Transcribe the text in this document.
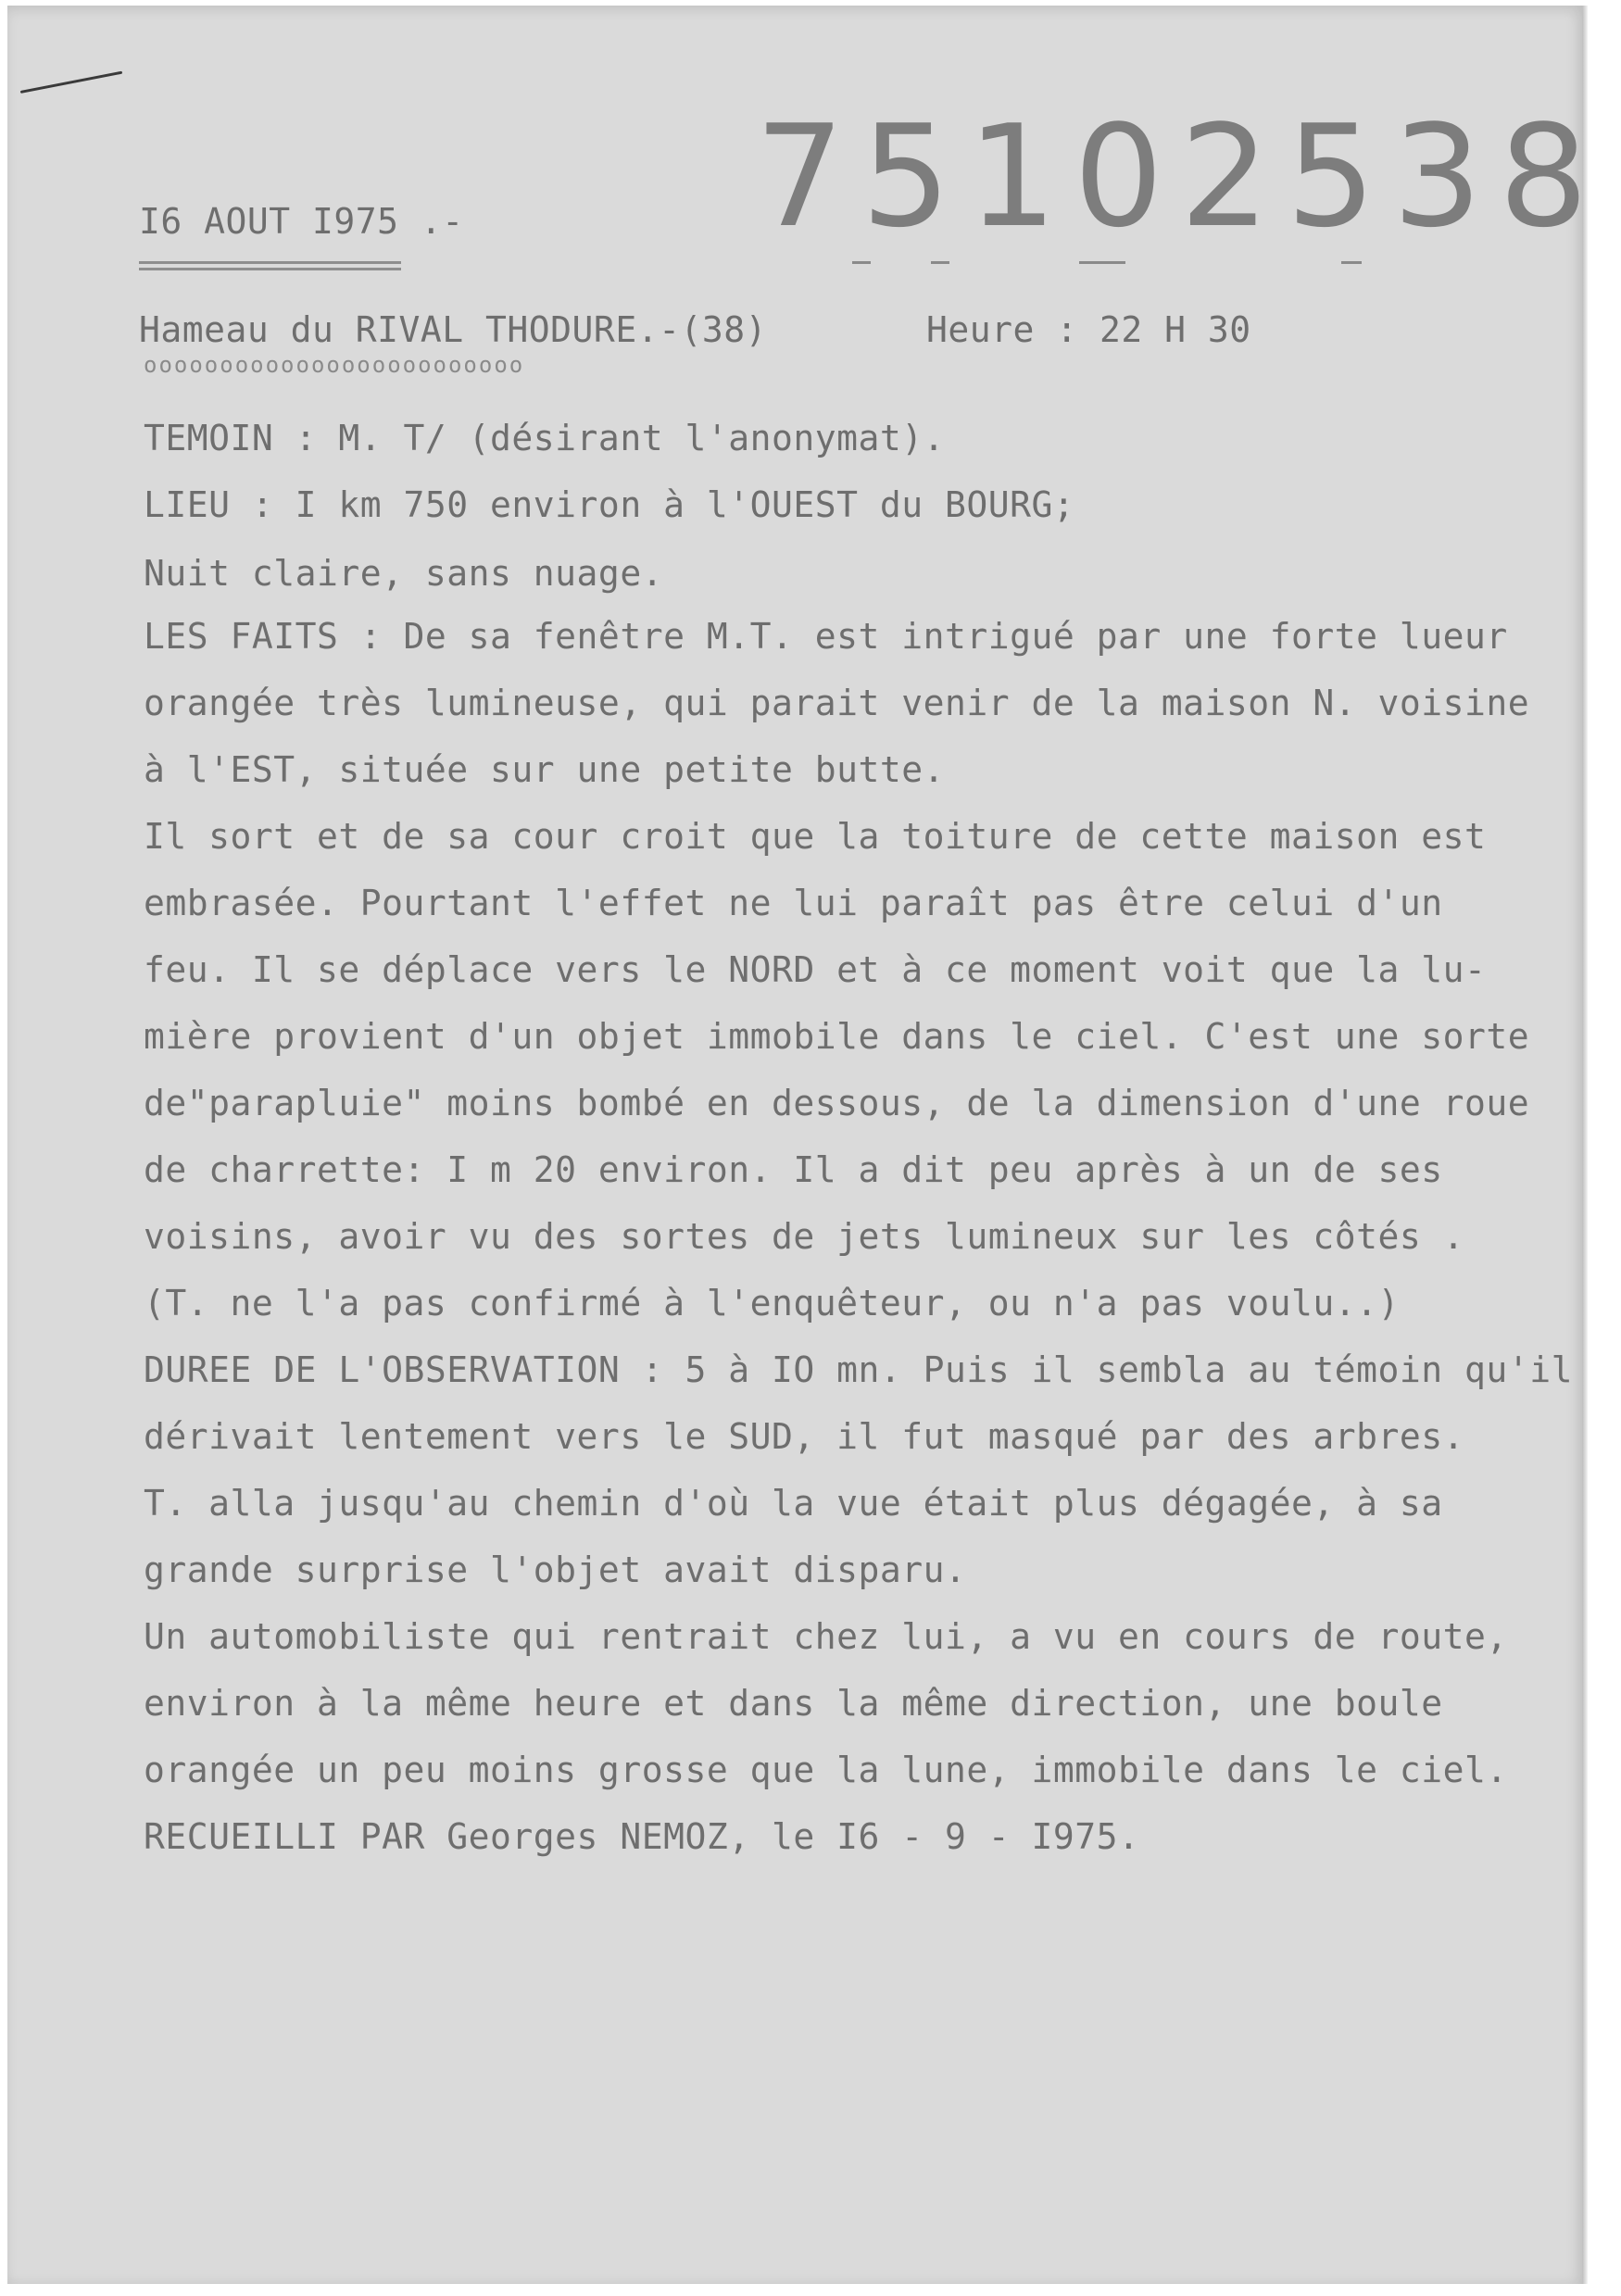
75102538
I6 AOUT I975 .-
Hameau du RIVAL THODURE.-(38)	Heure : 22 H 30
ooooooooooooooooooooooooo
TEMOIN : M. T/ (désirant l'anonymat).
LIEU : I km 750 environ à l'OUEST du BOURG;
Nuit claire, sans nuage.
LES FAITS : De sa fenêtre M.T. est intrigué par une forte lueur
orangée très lumineuse, qui parait venir de la maison N. voisine
à l'EST, située sur une petite butte.
Il sort et de sa cour croit que la toiture de cette maison est
embrasée. Pourtant l'effet ne lui paraît pas être celui d'un
feu. Il se déplace vers le NORD et à ce moment voit que la lu-
mière provient d'un objet immobile dans le ciel. C'est une sorte
de"parapluie" moins bombé en dessous, de la dimension d'une roue
de charrette: I m 20 environ. Il a dit peu après à un de ses
voisins, avoir vu des sortes de jets lumineux sur les côtés .
(T. ne l'a pas confirmé à l'enquêteur, ou n'a pas voulu..)
DUREE DE L'OBSERVATION : 5 à IO mn. Puis il sembla au témoin qu'il
dérivait lentement vers le SUD, il fut masqué par des arbres.
T. alla jusqu'au chemin d'où la vue était plus dégagée, à sa
grande surprise l'objet avait disparu.
Un automobiliste qui rentrait chez lui, a vu en cours de route,
environ à la même heure et dans la même direction, une boule
orangée un peu moins grosse que la lune, immobile dans le ciel.
RECUEILLI PAR Georges NEMOZ, le I6 - 9 - I975.
